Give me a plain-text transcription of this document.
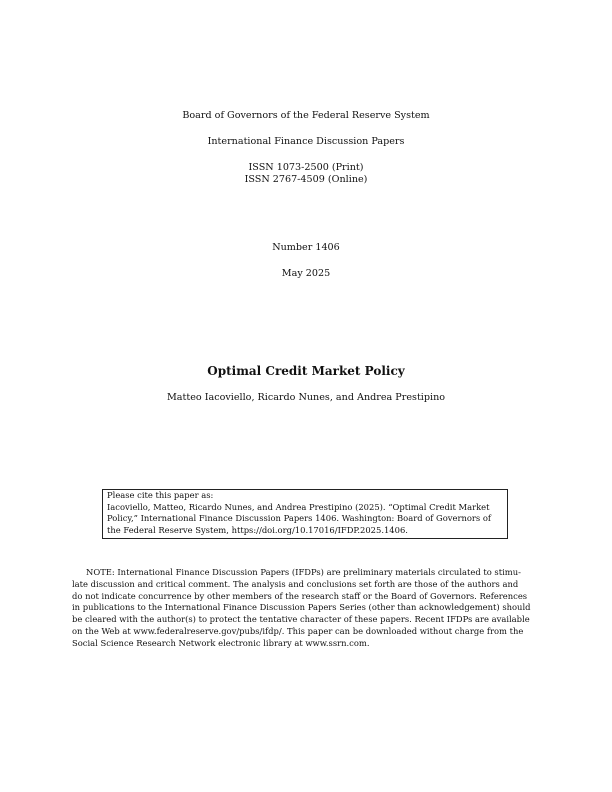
Board of Governors of the Federal Reserve System
International Finance Discussion Papers
ISSN 1073-2500 (Print)
ISSN 2767-4509 (Online)
Number 1406
May 2025
Optimal Credit Market Policy
Matteo Iacoviello, Ricardo Nunes, and Andrea Prestipino
Please cite this paper as:
Iacoviello, Matteo, Ricardo Nunes, and Andrea Prestipino (2025). “Optimal Credit Market
Policy,” International Finance Discussion Papers 1406. Washington: Board of Governors of
the Federal Reserve System, https://doi.org/10.17016/IFDP.2025.1406.
NOTE: International Finance Discussion Papers (IFDPs) are preliminary materials circulated to stimu-
late discussion and critical comment. The analysis and conclusions set forth are those of the authors and
do not indicate concurrence by other members of the research staff or the Board of Governors. References
in publications to the International Finance Discussion Papers Series (other than acknowledgement) should
be cleared with the author(s) to protect the tentative character of these papers. Recent IFDPs are available
on the Web at www.federalreserve.gov/pubs/ifdp/. This paper can be downloaded without charge from the
Social Science Research Network electronic library at www.ssrn.com.
